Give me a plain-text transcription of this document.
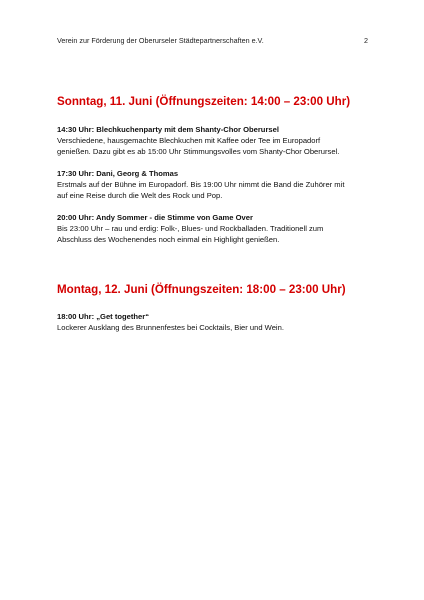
Verein zur Förderung der Oberurseler Städtepartnerschaften e.V.	2
Sonntag, 11. Juni (Öffnungszeiten: 14:00 – 23:00 Uhr)
14:30 Uhr: Blechkuchenparty mit dem Shanty-Chor Oberursel
Verschiedene, hausgemachte Blechkuchen mit Kaffee oder Tee im Europadorf
genießen. Dazu gibt es ab 15:00 Uhr Stimmungsvolles vom Shanty-Chor Oberursel.
17:30 Uhr: Dani, Georg & Thomas
Erstmals auf der Bühne im Europadorf. Bis 19:00 Uhr nimmt die Band die Zuhörer mit
auf eine Reise durch die Welt des Rock und Pop.
20:00 Uhr: Andy Sommer - die Stimme von Game Over
Bis 23:00 Uhr – rau und erdig: Folk-, Blues- und Rockballaden. Traditionell zum
Abschluss des Wochenendes noch einmal ein Highlight genießen.
Montag, 12. Juni (Öffnungszeiten: 18:00 – 23:00 Uhr)
18:00 Uhr: „Get together“
Lockerer Ausklang des Brunnenfestes bei Cocktails, Bier und Wein.
